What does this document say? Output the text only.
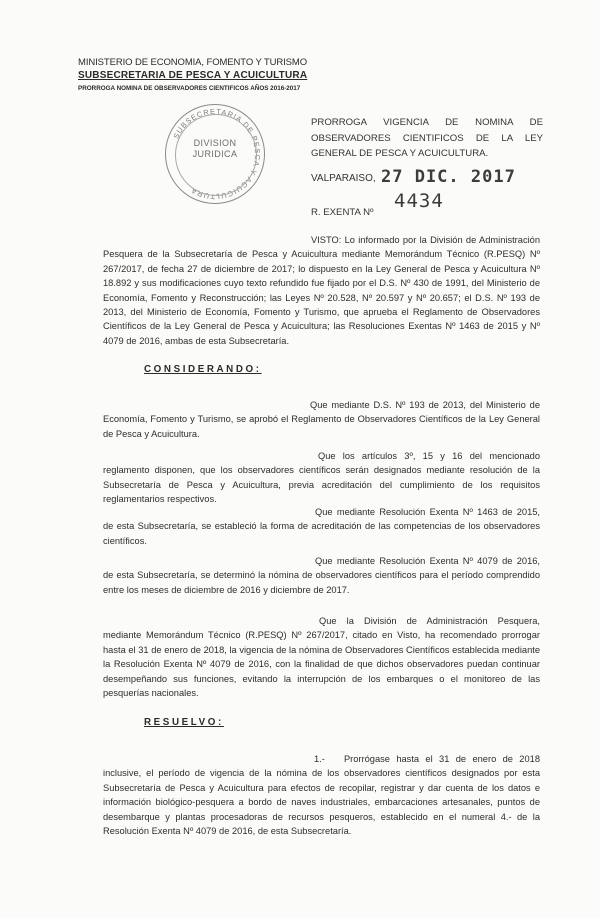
MINISTERIO DE ECONOMIA, FOMENTO Y TURISMO
SUBSECRETARIA DE PESCA Y ACUICULTURA
PRORROGA NOMINA DE OBSERVADORES CIENTIFICOS AÑOS 2016-2017
SUBSECRETARIA DE PESCA Y ACUICULTURA
DIVISION
JURIDICA
PRORROGA VIGENCIA DE NOMINA DE OBSERVADORES CIENTIFICOS DE LA LEY GENERAL DE PESCA Y ACUICULTURA.
VALPARAISO, 27 DIC. 2017
R. EXENTA Nº
4434
VISTO: Lo informado por la División de Administración Pesquera de la Subsecretaría de Pesca y Acuicultura mediante Memorándum Técnico (R.PESQ) Nº 267/2017, de fecha 27 de diciembre de 2017; lo dispuesto en la Ley General de Pesca y Acuicultura Nº 18.892 y sus modificaciones cuyo texto refundido fue fijado por el D.S. Nº 430 de 1991, del Ministerio de Economía, Fomento y Reconstrucción; las Leyes Nº 20.528, Nº 20.597 y Nº 20.657; el D.S. Nº 193 de 2013, del Ministerio de Economía, Fomento y Turismo, que aprueba el Reglamento de Observadores Científicos de la Ley General de Pesca y Acuicultura; las Resoluciones Exentas Nº 1463 de 2015 y Nº 4079 de 2016, ambas de esta Subsecretaría.
CONSIDERANDO:
Que mediante D.S. Nº 193 de 2013, del Ministerio de Economía, Fomento y Turismo, se aprobó el Reglamento de Observadores Científicos de la Ley General de Pesca y Acuicultura.
Que los artículos 3º, 15 y 16 del mencionado reglamento disponen, que los observadores científicos serán designados mediante resolución de la Subsecretaría de Pesca y Acuicultura, previa acreditación del cumplimiento de los requisitos reglamentarios respectivos.
Que mediante Resolución Exenta Nº 1463 de 2015, de esta Subsecretaría, se estableció la forma de acreditación de las competencias de los observadores científicos.
Que mediante Resolución Exenta Nº 4079 de 2016, de esta Subsecretaría, se determinó la nómina de observadores científicos para el período comprendido entre los meses de diciembre de 2016 y diciembre de 2017.
Que la División de Administración Pesquera, mediante Memorándum Técnico (R.PESQ) Nº 267/2017, citado en Visto, ha recomendado prorrogar hasta el 31 de enero de 2018, la vigencia de la nómina de Observadores Científicos establecida mediante la Resolución Exenta Nº 4079 de 2016, con la finalidad de que dichos observadores puedan continuar desempeñando sus funciones, evitando la interrupción de los embarques o el monitoreo de las pesquerías nacionales.
RESUELVO:
1.- Prorrógase hasta el 31 de enero de 2018 inclusive, el período de vigencia de la nómina de los observadores científicos designados por esta Subsecretaría de Pesca y Acuicultura para efectos de recopilar, registrar y dar cuenta de los datos e información biológico-pesquera a bordo de naves industriales, embarcaciones artesanales, puntos de desembarque y plantas procesadoras de recursos pesqueros, establecido en el numeral 4.- de la Resolución Exenta Nº 4079 de 2016, de esta Subsecretaría.
